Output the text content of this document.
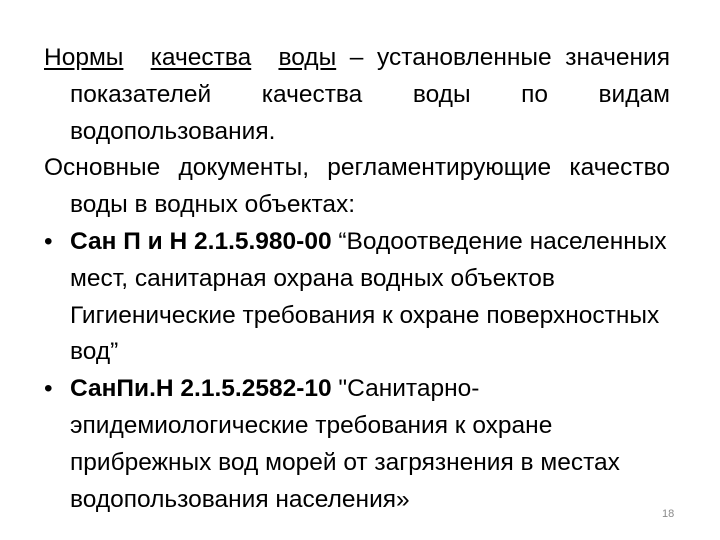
Нормы качества воды – установленные значения показателей качества воды по видам водопользования.

Основные документы, регламентирующие качество воды в водных объектах:

• Сан П и Н 2.1.5.980-00 “Водоотведение населенных мест, санитарная охрана водных объектов Гигиенические требования к охране поверхностных вод”
• СанПи.Н 2.1.5.2582-10 "Санитарно-эпидемиологические требования к охране прибрежных вод морей от загрязнения в местах водопользования населения»
18
